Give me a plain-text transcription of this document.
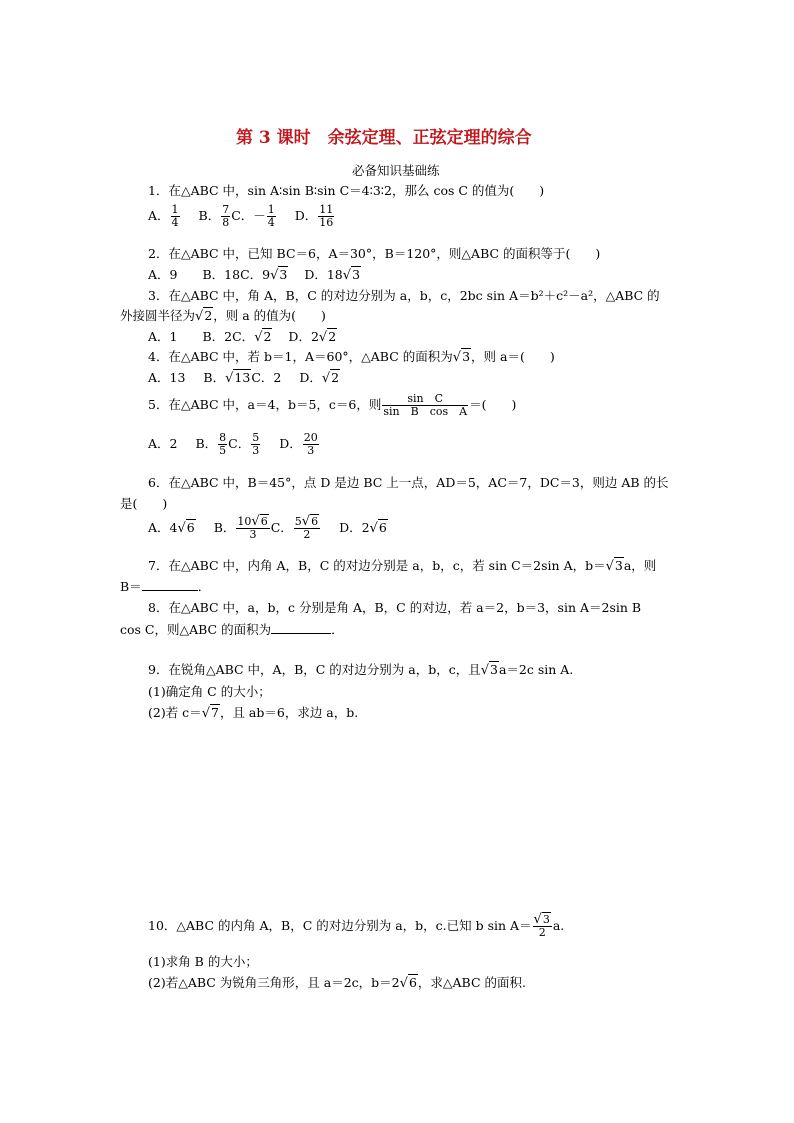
第 3 课时　余弦定理、正弦定理的综合
必备知识基础练
1．在△ABC 中，sin A∶sin B∶sin C＝4∶3∶2，那么 cos C 的值为(　　)
A． $\frac{1}{4}$ B． $\frac{7}{8}$ C．－ $\frac{1}{4}$ D． $\frac{11}{16}$
2．在△ABC 中，已知 BC＝6，A＝30°，B＝120°，则△ABC 的面积等于(　　)
A．9　　B．18C．9√3 D．18√3
3．在△ABC 中，角 A，B，C 的对边分别为 a，b，c，2bc sin A＝b²＋c²－a²，△ABC 的
外接圆半径为√2，则 a 的值为(　　)
A．1　　B．2C．√2 D．2√2
4．在△ABC 中，若 b＝1，A＝60°，△ABC 的面积为√3，则 a＝(　　)
A．13 B．√13C．2 D．√2
5．在△ABC 中，a＝4，b＝5，c＝6，则 $\frac{\text{sin　C}}{\text{sin　B　cos　A}}$ ＝(　　)
A．2 B． $\frac{8}{5}$ C． $\frac{5}{3}$ D． $\frac{20}{3}$
6．在△ABC 中，B＝45°，点 D 是边 BC 上一点，AD＝5，AC＝7，DC＝3，则边 AB 的长
是(　　)
A．4√6 B． $\frac{10√6}{3}$ C． $\frac{5√6}{2}$ D．2√6
7．在△ABC 中，内角 A，B，C 的对边分别是 a，b，c，若 sin C＝2sin A，b＝√3a，则
B＝	．
8．在△ABC 中，a，b，c 分别是角 A，B，C 的对边，若 a＝2，b＝3，sin A＝2sin B
cos C，则△ABC 的面积为	．
9．在锐角△ABC 中，A，B，C 的对边分别为 a，b，c，且√3a＝2c sin A.
(1)确定角 C 的大小；
(2)若 c＝√7，且 ab＝6，求边 a，b.
10．△ABC 的内角 A，B，C 的对边分别为 a，b，c.已知 b $\sin A= \frac{√3}{2} a$.
(1)求角 B 的大小；
(2)若△ABC 为锐角三角形，且 a＝2c，b＝2√6，求△ABC 的面积.
